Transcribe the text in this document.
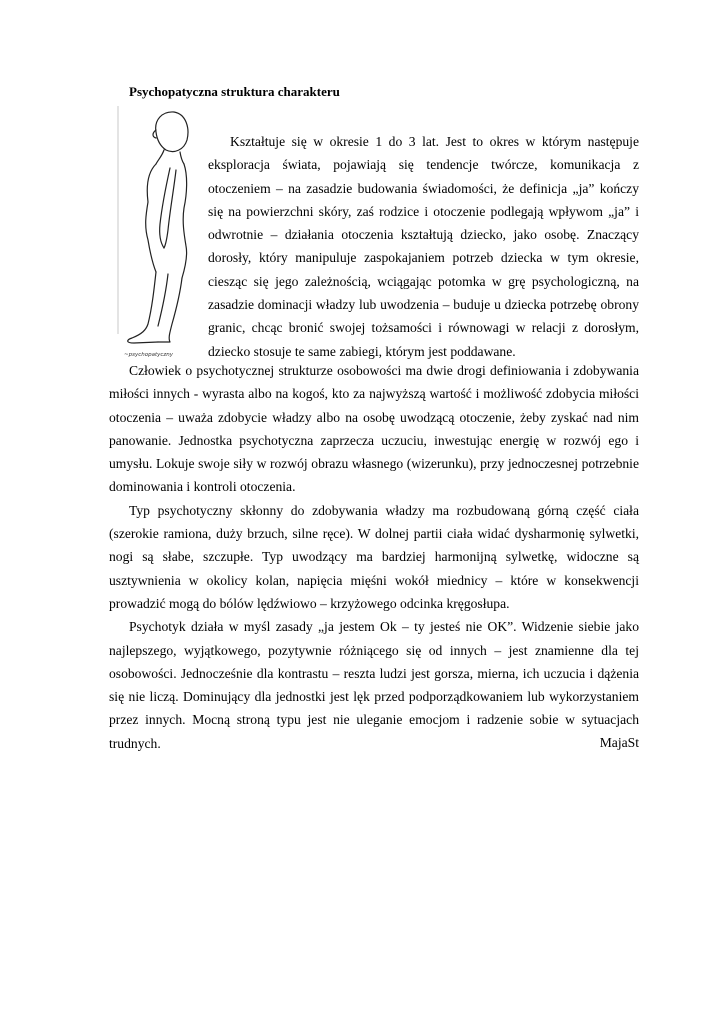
Psychopatyczna struktura charakteru
~psychopatyczny
Kształtuje się w okresie 1 do 3 lat. Jest to okres w którym następuje eksploracja świata, pojawiają się tendencje twórcze, komunikacja z otoczeniem – na zasadzie budowania świadomości, że definicja „ja” kończy się na powierzchni skóry, zaś rodzice i otoczenie podlegają wpływom „ja” i odwrotnie – działania otoczenia kształtują dziecko, jako osobę. Znaczący dorosły, który manipuluje zaspokajaniem potrzeb dziecka w tym okresie, ciesząc się jego zależnością, wciągając potomka w grę psychologiczną, na zasadzie dominacji władzy lub uwodzenia – buduje u dziecka potrzebę obrony granic, chcąc bronić swojej tożsamości i równowagi w relacji z dorosłym, dziecko stosuje te same zabiegi, którym jest poddawane.

Człowiek o psychotycznej strukturze osobowości ma dwie drogi definiowania i zdobywania miłości innych - wyrasta albo na kogoś, kto za najwyższą wartość i możliwość zdobycia miłości otoczenia – uważa zdobycie władzy albo na osobę uwodzącą otoczenie, żeby zyskać nad nim panowanie. Jednostka psychotyczna zaprzecza uczuciu, inwestując energię w rozwój ego i umysłu. Lokuje swoje siły w rozwój obrazu własnego (wizerunku), przy jednoczesnej potrzebnie dominowania i kontroli otoczenia.

Typ psychotyczny skłonny do zdobywania władzy ma rozbudowaną górną część ciała (szerokie ramiona, duży brzuch, silne ręce). W dolnej partii ciała widać dysharmonię sylwetki, nogi są słabe, szczupłe. Typ uwodzący ma bardziej harmonijną sylwetkę, widoczne są usztywnienia w okolicy kolan, napięcia mięśni wokół miednicy – które w konsekwencji prowadzić mogą do bólów lędźwiowo – krzyżowego odcinka kręgosłupa.

Psychotyk działa w myśl zasady „ja jestem Ok – ty jesteś nie OK”. Widzenie siebie jako najlepszego, wyjątkowego, pozytywnie różniącego się od innych – jest znamienne dla tej osobowości. Jednocześnie dla kontrastu – reszta ludzi jest gorsza, mierna, ich uczucia i dążenia się nie liczą. Dominujący dla jednostki jest lęk przed podporządkowaniem lub wykorzystaniem przez innych. Mocną stroną typu jest nie uleganie emocjom i radzenie sobie w sytuacjach trudnych.	MajaSt
